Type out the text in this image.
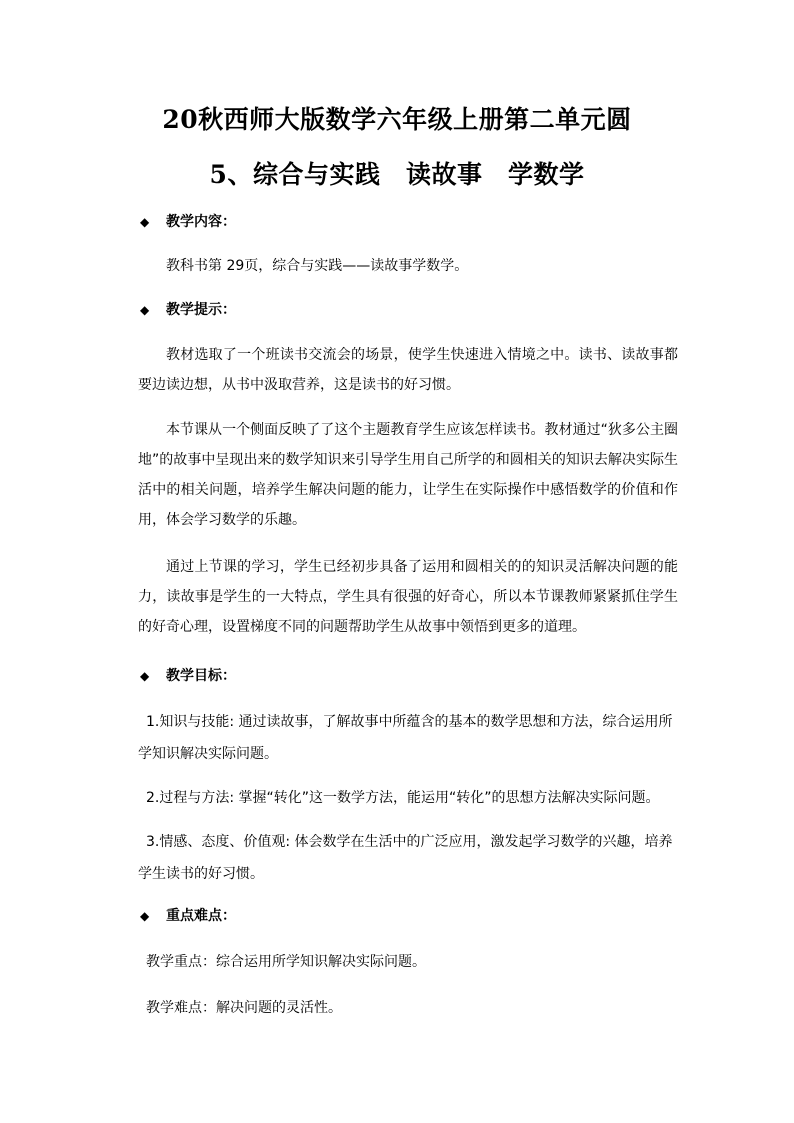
20秋西师大版数学六年级上册第二单元圆
5、综合与实践　读故事　学数学
◆ 教学内容：
教科书第 29页，综合与实践——读故事学数学。
◆ 教学提示：
教材选取了一个班读书交流会的场景，使学生快速进入情境之中。读书、读故事都要边读边想，从书中汲取营养，这是读书的好习惯。
本节课从一个侧面反映了了这个主题教育学生应该怎样读书。教材通过“狄多公主圈地”的故事中呈现出来的数学知识来引导学生用自己所学的和圆相关的知识去解决实际生活中的相关问题，培养学生解决问题的能力，让学生在实际操作中感悟数学的价值和作用，体会学习数学的乐趣。
通过上节课的学习，学生已经初步具备了运用和圆相关的的知识灵活解决问题的能力，读故事是学生的一大特点，学生具有很强的好奇心，所以本节课教师紧紧抓住学生的好奇心理，设置梯度不同的问题帮助学生从故事中领悟到更多的道理。
◆ 教学目标：
1.知识与技能: 通过读故事，了解故事中所蕴含的基本的数学思想和方法，综合运用所学知识解决实际问题。
2.过程与方法: 掌握“转化”这一数学方法，能运用“转化”的思想方法解决实际问题。
3.情感、态度、价值观: 体会数学在生活中的广泛应用，激发起学习数学的兴趣，培养学生读书的好习惯。
◆ 重点难点：
教学重点：综合运用所学知识解决实际问题。
教学难点：解决问题的灵活性。
